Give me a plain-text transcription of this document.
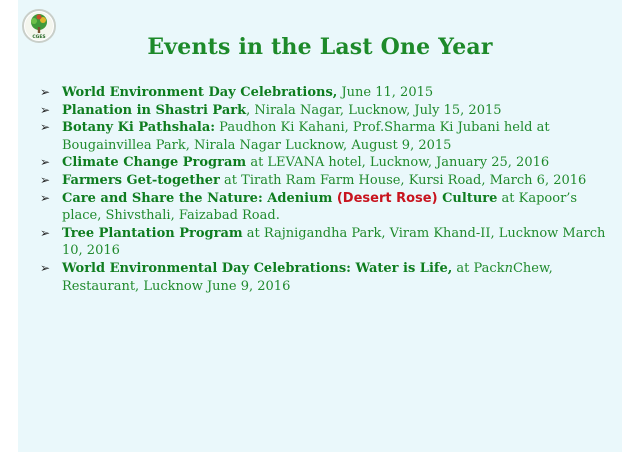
CGES	Events in the Last One Year
➢ World Environment Day Celebrations, June 11, 2015
➢ Planation in Shastri Park, Nirala Nagar, Lucknow, July 15, 2015
➢ Botany Ki Pathshala: Paudhon Ki Kahani, Prof.Sharma Ki Jubani held at Bougainvillea Park, Nirala Nagar Lucknow, August 9, 2015
➢ Climate Change Program at LEVANA hotel, Lucknow, January 25, 2016
➢ Farmers Get-together at Tirath Ram Farm House, Kursi Road, March 6, 2016
➢ Care and Share the Nature: Adenium (Desert Rose) Culture at Kapoor’s place, Shivsthali, Faizabad Road.
➢ Tree Plantation Program at Rajnigandha Park, Viram Khand-II, Lucknow March 10, 2016
➢ World Environmental Day Celebrations: Water is Life, at PacknChew, Restaurant, Lucknow June 9, 2016
